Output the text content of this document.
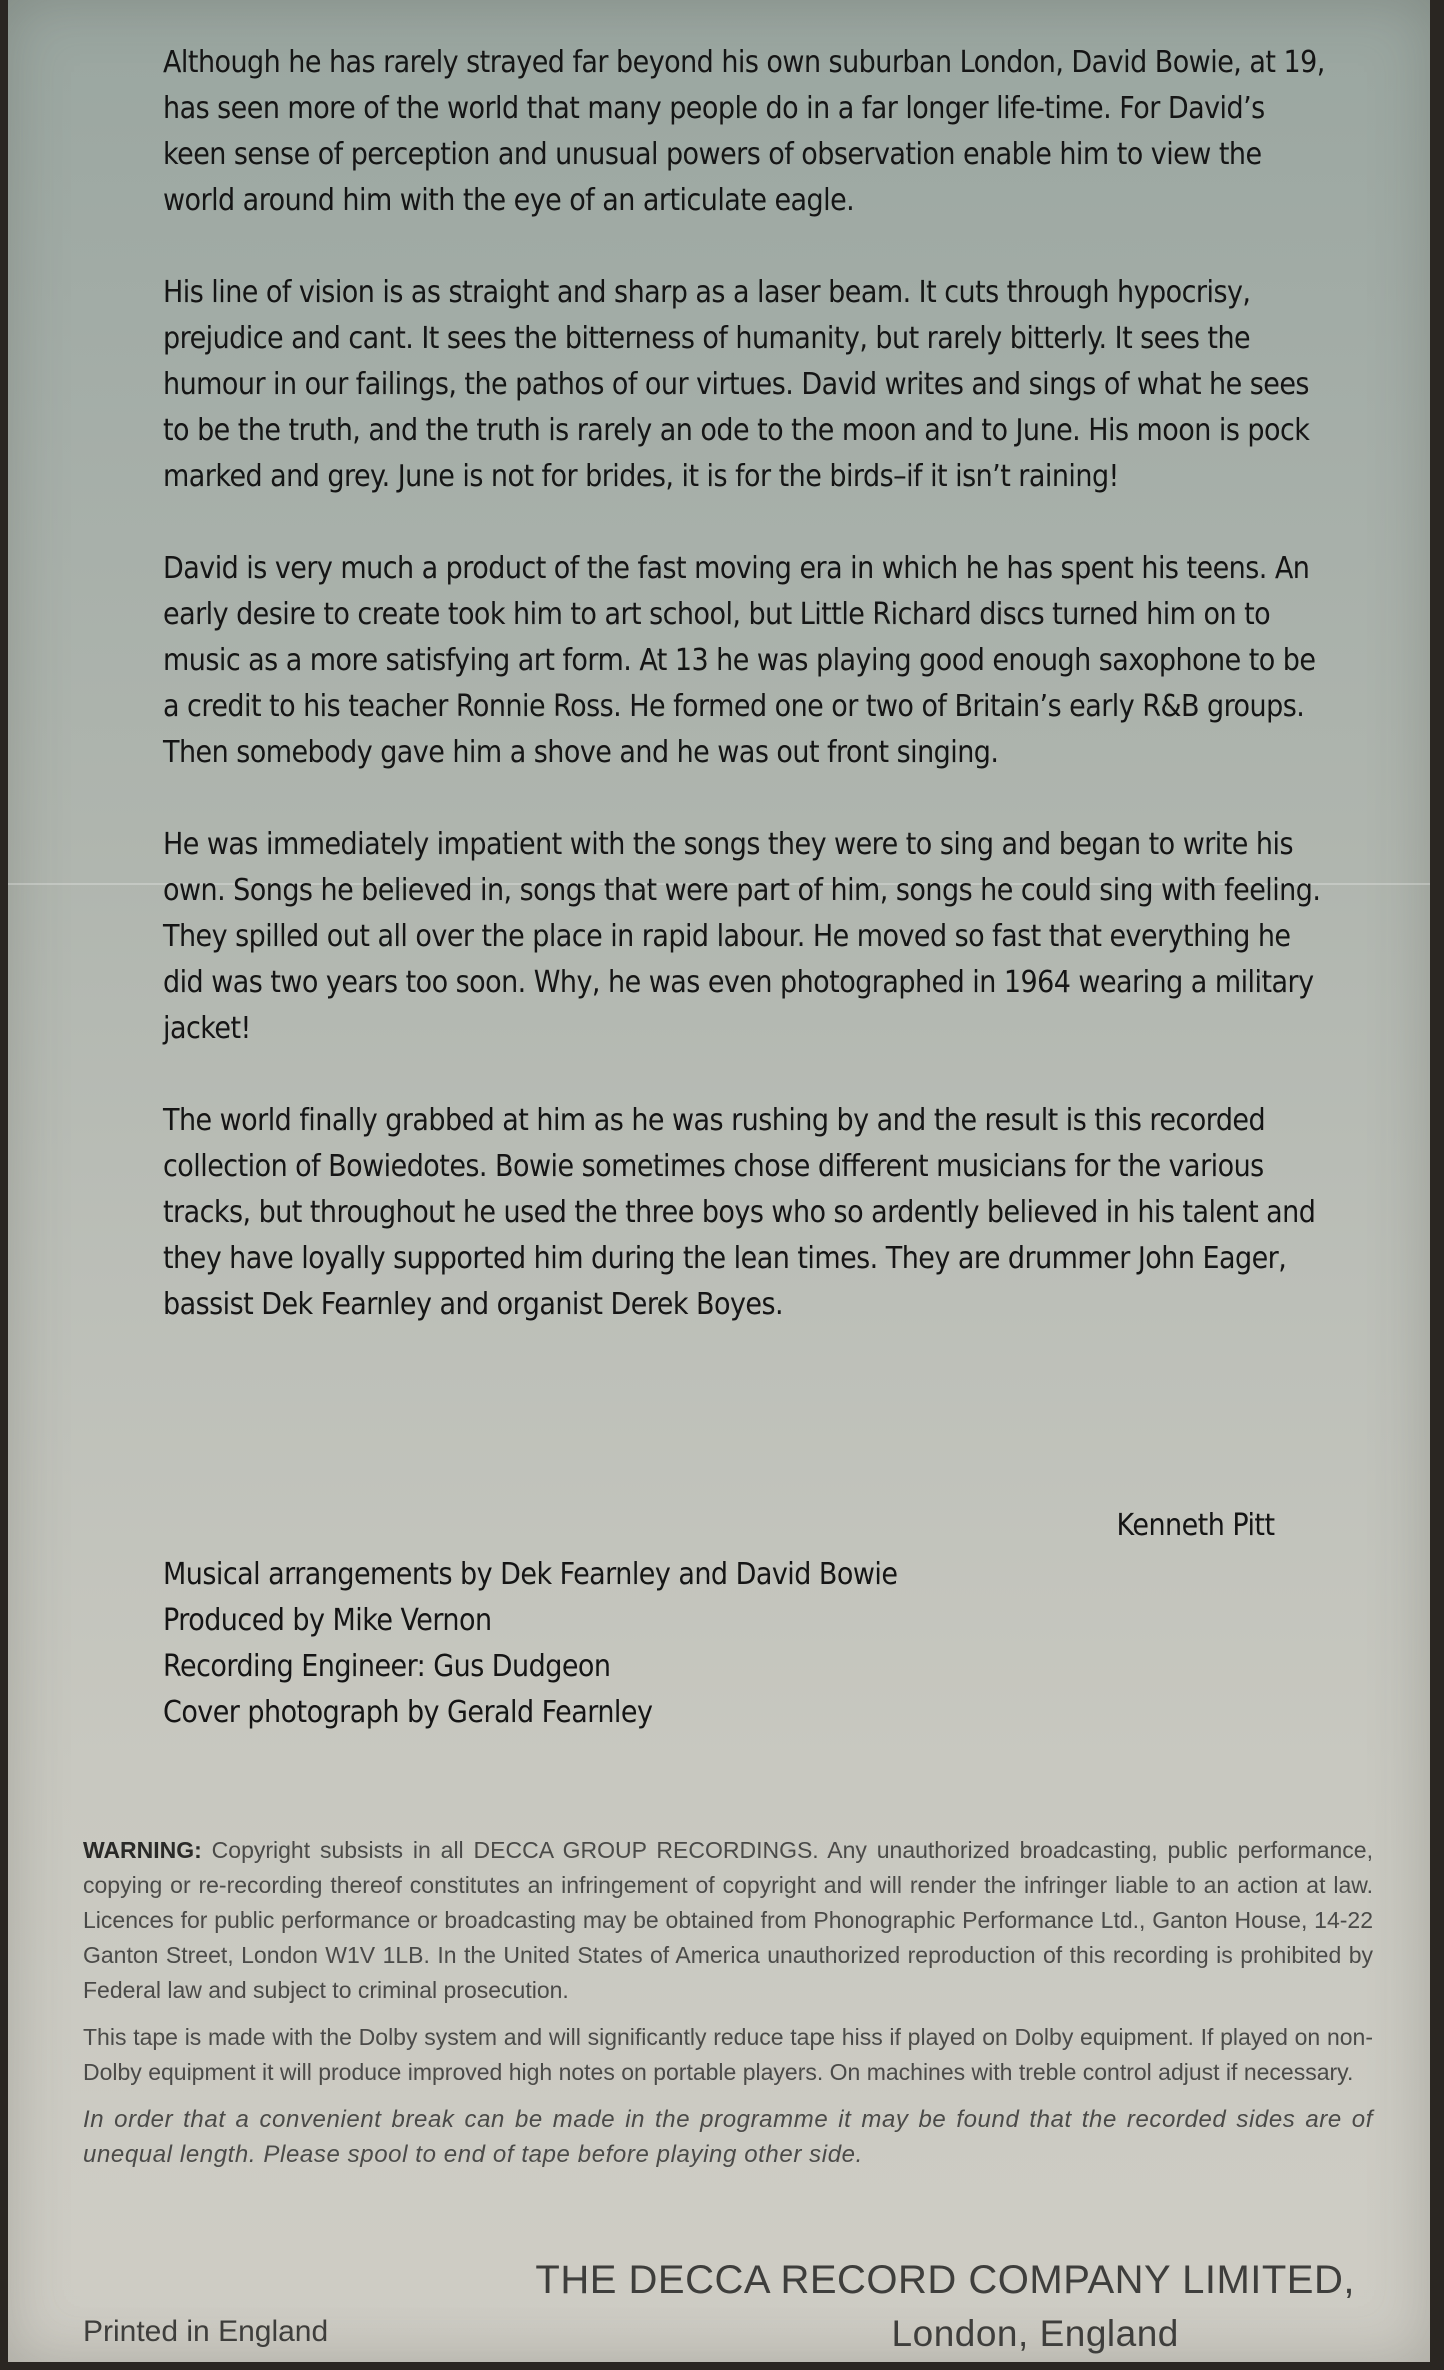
Although he has rarely strayed far beyond his own suburban London, David Bowie, at 19, has seen more of the world that many people do in a far longer life-time. For David’s keen sense of perception and unusual powers of observation enable him to view the world around him with the eye of an articulate eagle.

His line of vision is as straight and sharp as a laser beam. It cuts through hypocrisy, prejudice and cant. It sees the bitterness of humanity, but rarely bitterly. It sees the humour in our failings, the pathos of our virtues. David writes and sings of what he sees to be the truth, and the truth is rarely an ode to the moon and to June. His moon is pock marked and grey. June is not for brides, it is for the birds–if it isn’t raining!

David is very much a product of the fast moving era in which he has spent his teens. An early desire to create took him to art school, but Little Richard discs turned him on to music as a more satisfying art form. At 13 he was playing good enough saxophone to be a credit to his teacher Ronnie Ross. He formed one or two of Britain’s early R&B groups. Then somebody gave him a shove and he was out front singing.

He was immediately impatient with the songs they were to sing and began to write his own. Songs he believed in, songs that were part of him, songs he could sing with feeling. They spilled out all over the place in rapid labour. He moved so fast that everything he did was two years too soon. Why, he was even photographed in 1964 wearing a military jacket!

The world finally grabbed at him as he was rushing by and the result is this recorded collection of Bowiedotes. Bowie sometimes chose different musicians for the various tracks, but throughout he used the three boys who so ardently believed in his talent and they have loyally supported him during the lean times. They are drummer John Eager, bassist Dek Fearnley and organist Derek Boyes.

Kenneth Pitt
Musical arrangements by Dek Fearnley and David Bowie
Produced by Mike Vernon
Recording Engineer: Gus Dudgeon
Cover photograph by Gerald Fearnley

WARNING: Copyright subsists in all DECCA GROUP RECORDINGS. Any unauthorized broadcasting, public performance, copying or re-recording thereof constitutes an infringement of copyright and will render the infringer liable to an action at law. Licences for public performance or broadcasting may be obtained from Phonographic Performance Ltd., Ganton House, 14-22 Ganton Street, London W1V 1LB. In the United States of America unauthorized reproduction of this recording is prohibited by Federal law and subject to criminal prosecution.

This tape is made with the Dolby system and will significantly reduce tape hiss if played on Dolby equipment. If played on non-Dolby equipment it will produce improved high notes on portable players. On machines with treble control adjust if necessary.

In order that a convenient break can be made in the programme it may be found that the recorded sides are of unequal length. Please spool to end of tape before playing other side.

THE DECCA RECORD COMPANY LIMITED,
London, England
Printed in England
